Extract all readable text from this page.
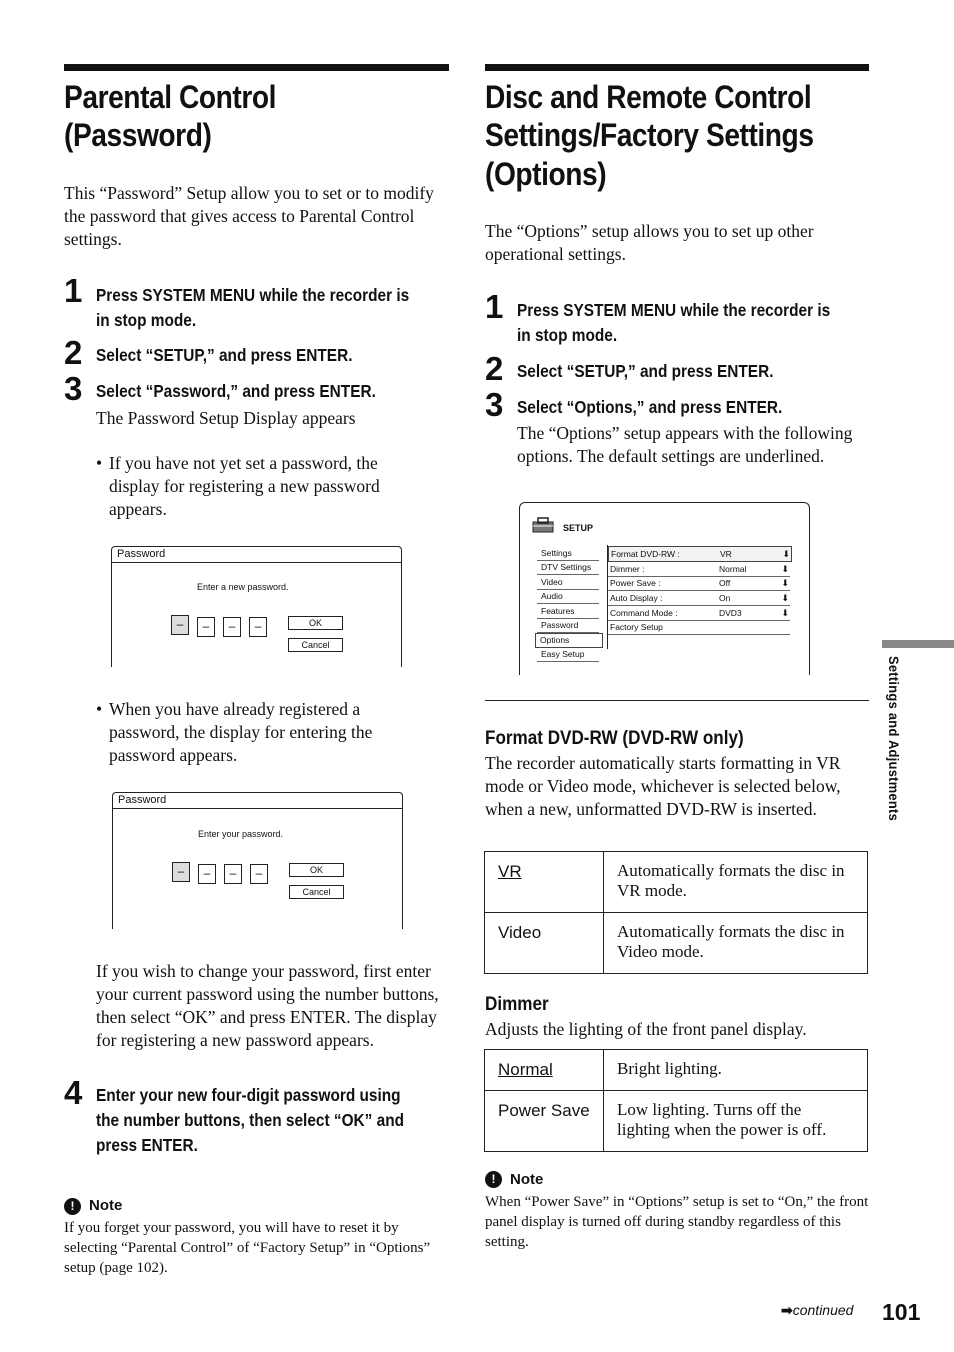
Parental Control
(Password)
This “Password” Setup allow you to set or to modify the password that gives access to Parental Control settings.
1 Press SYSTEM MENU while the recorder is
in stop mode.
2 Select “SETUP,” and press ENTER.
3 Select “Password,” and press ENTER.
The Password Setup Display appears
• If you have not yet set a password, the display for registering a new password appears.
Password
Enter a new password.
–	–	–	–	OK
Cancel
• When you have already registered a password, the display for entering the password appears.
Password
Enter your password.
–	–	–	–	OK
Cancel
If you wish to change your password, first enter your current password using the number buttons, then select “OK” and press ENTER. The display for registering a new password appears.
4 Enter your new four-digit password using
the number buttons, then select “OK” and
press ENTER.
! Note
If you forget your password, you will have to reset it by selecting “Parental Control” of “Factory Setup” in “Options” setup (page 102).
Disc and Remote Control
Settings/Factory Settings
(Options)
The “Options” setup allows you to set up other operational settings.
1 Press SYSTEM MENU while the recorder is
in stop mode.
2 Select “SETUP,” and press ENTER.
3 Select “Options,” and press ENTER.
The “Options” setup appears with the following options. The default settings are underlined.
SETUP
Settings
DTV Settings
Video
Audio
Features
Password
Options
Easy Setup
Format DVD-RW :	VR	⬇
Dimmer :	Normal	⬇
Power Save :	Off	⬇
Auto Display :	On	⬇
Command Mode :	DVD3	⬇
Factory Setup
Format DVD-RW (DVD-RW only)
The recorder automatically starts formatting in VR mode or Video mode, whichever is selected below, when a new, unformatted DVD-RW is inserted.
VR	Automatically formats the disc in VR mode.
Video	Automatically formats the disc in Video mode.
Dimmer
Adjusts the lighting of the front panel display.
Normal	Bright lighting.
Power Save	Low lighting. Turns off the lighting when the power is off.
! Note
When “Power Save” in “Options” setup is set to “On,” the front panel display is turned off during standby regardless of this setting.
Settings and Adjustments
➡continued 101
